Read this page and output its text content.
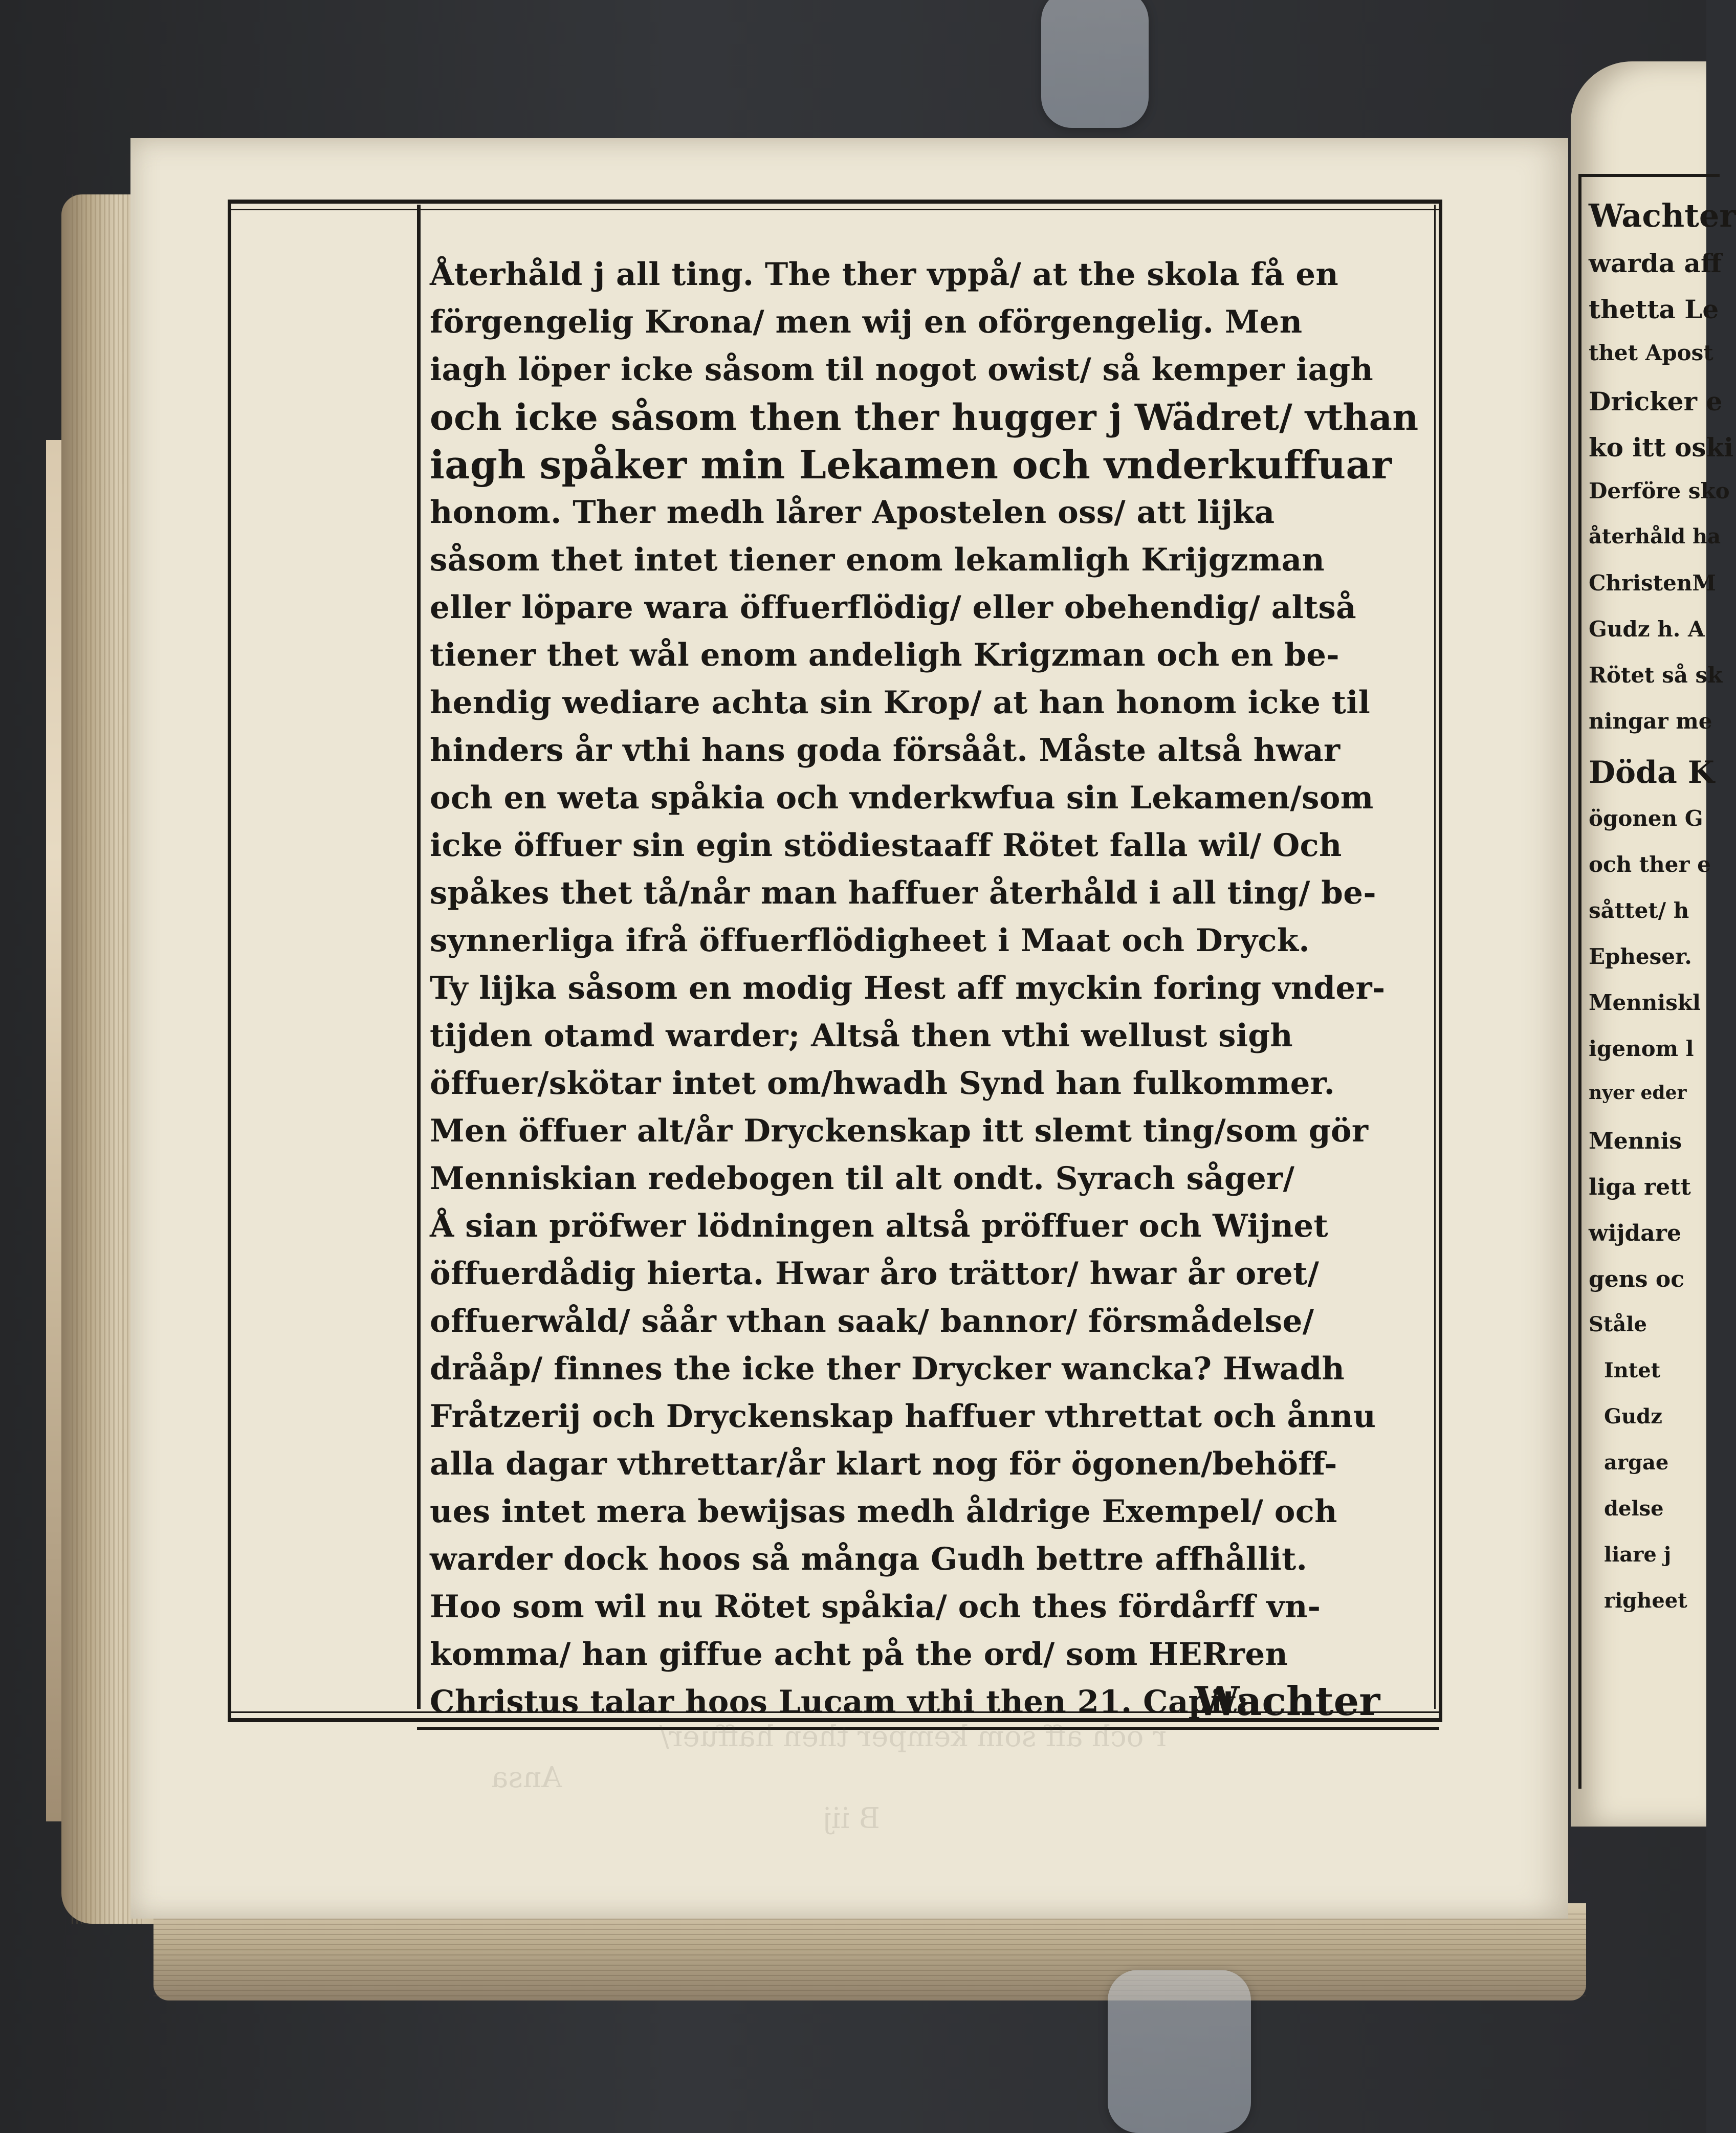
Wachter
warda aff
thetta Le
thet Apost
Dricker e
ko itt oski
Derföre sko
återhåld ha
ChristenM
Gudz h. A
Rötet så sk
ningar me
Döda K
ögonen G
och ther e
såttet/ h
Epheser.
Menniskl
igenom l
nyer eder
Mennis
liga rett
wijdare
gens oc
Ståle
Intet
Gudz
argae
delse
liare j
righeet
Återhåld j all ting. The ther vppå/ at the skola få en
förgengelig Krona/ men wij en oförgengelig. Men
iagh löper icke såsom til nogot owist/ så kemper iagh
och icke såsom then ther hugger j Wädret/ vthan
iagh spåker min Lekamen och vnderkuffuar
honom. Ther medh lårer Apostelen oss/ att lijka
såsom thet intet tiener enom lekamligh Krijgzman
eller löpare wara öffuerflödig/ eller obehendig/ altså
tiener thet wål enom andeligh Krigzman och en be-
hendig wediare achta sin Krop/ at han honom icke til
hinders år vthi hans goda försååt. Måste altså hwar
och en weta spåkia och vnderkwfua sin Lekamen/som
icke öffuer sin egin stödiestaaff Rötet falla wil/ Och
spåkes thet tå/når man haffuer återhåld i all ting/ be-
synnerliga ifrå öffuerflödigheet i Maat och Dryck.
Ty lijka såsom en modig Hest aff myckin foring vnder-
tijden otamd warder; Altså then vthi wellust sigh
öffuer/skötar intet om/hwadh Synd han fulkommer.
Men öffuer alt/år Dryckenskap itt slemt ting/som gör
Menniskian redebogen til alt ondt. Syrach såger/
Å sian pröfwer lödningen altså pröffuer och Wijnet
öffuerdådig hierta. Hwar åro trättor/ hwar år oret/
offuerwåld/ såår vthan saak/ bannor/ försmådelse/
drååp/ finnes the icke ther Drycker wancka? Hwadh
Fråtzerij och Dryckenskap haffuer vthrettat och ånnu
alla dagar vthrettar/år klart nog för ögonen/behöff-
ues intet mera bewijsas medh åldrige Exempel/ och
warder dock hoos så många Gudh bettre affhållit.
Hoo som wil nu Rötet spåkia/ och thes fördårff vn-
komma/ han giffue acht på the ord/ som HERren
Christus talar hoos Lucam vthi then 21. Capit:
Wachter
r och aff som kemper then haffuer/
Ansa
B iij
